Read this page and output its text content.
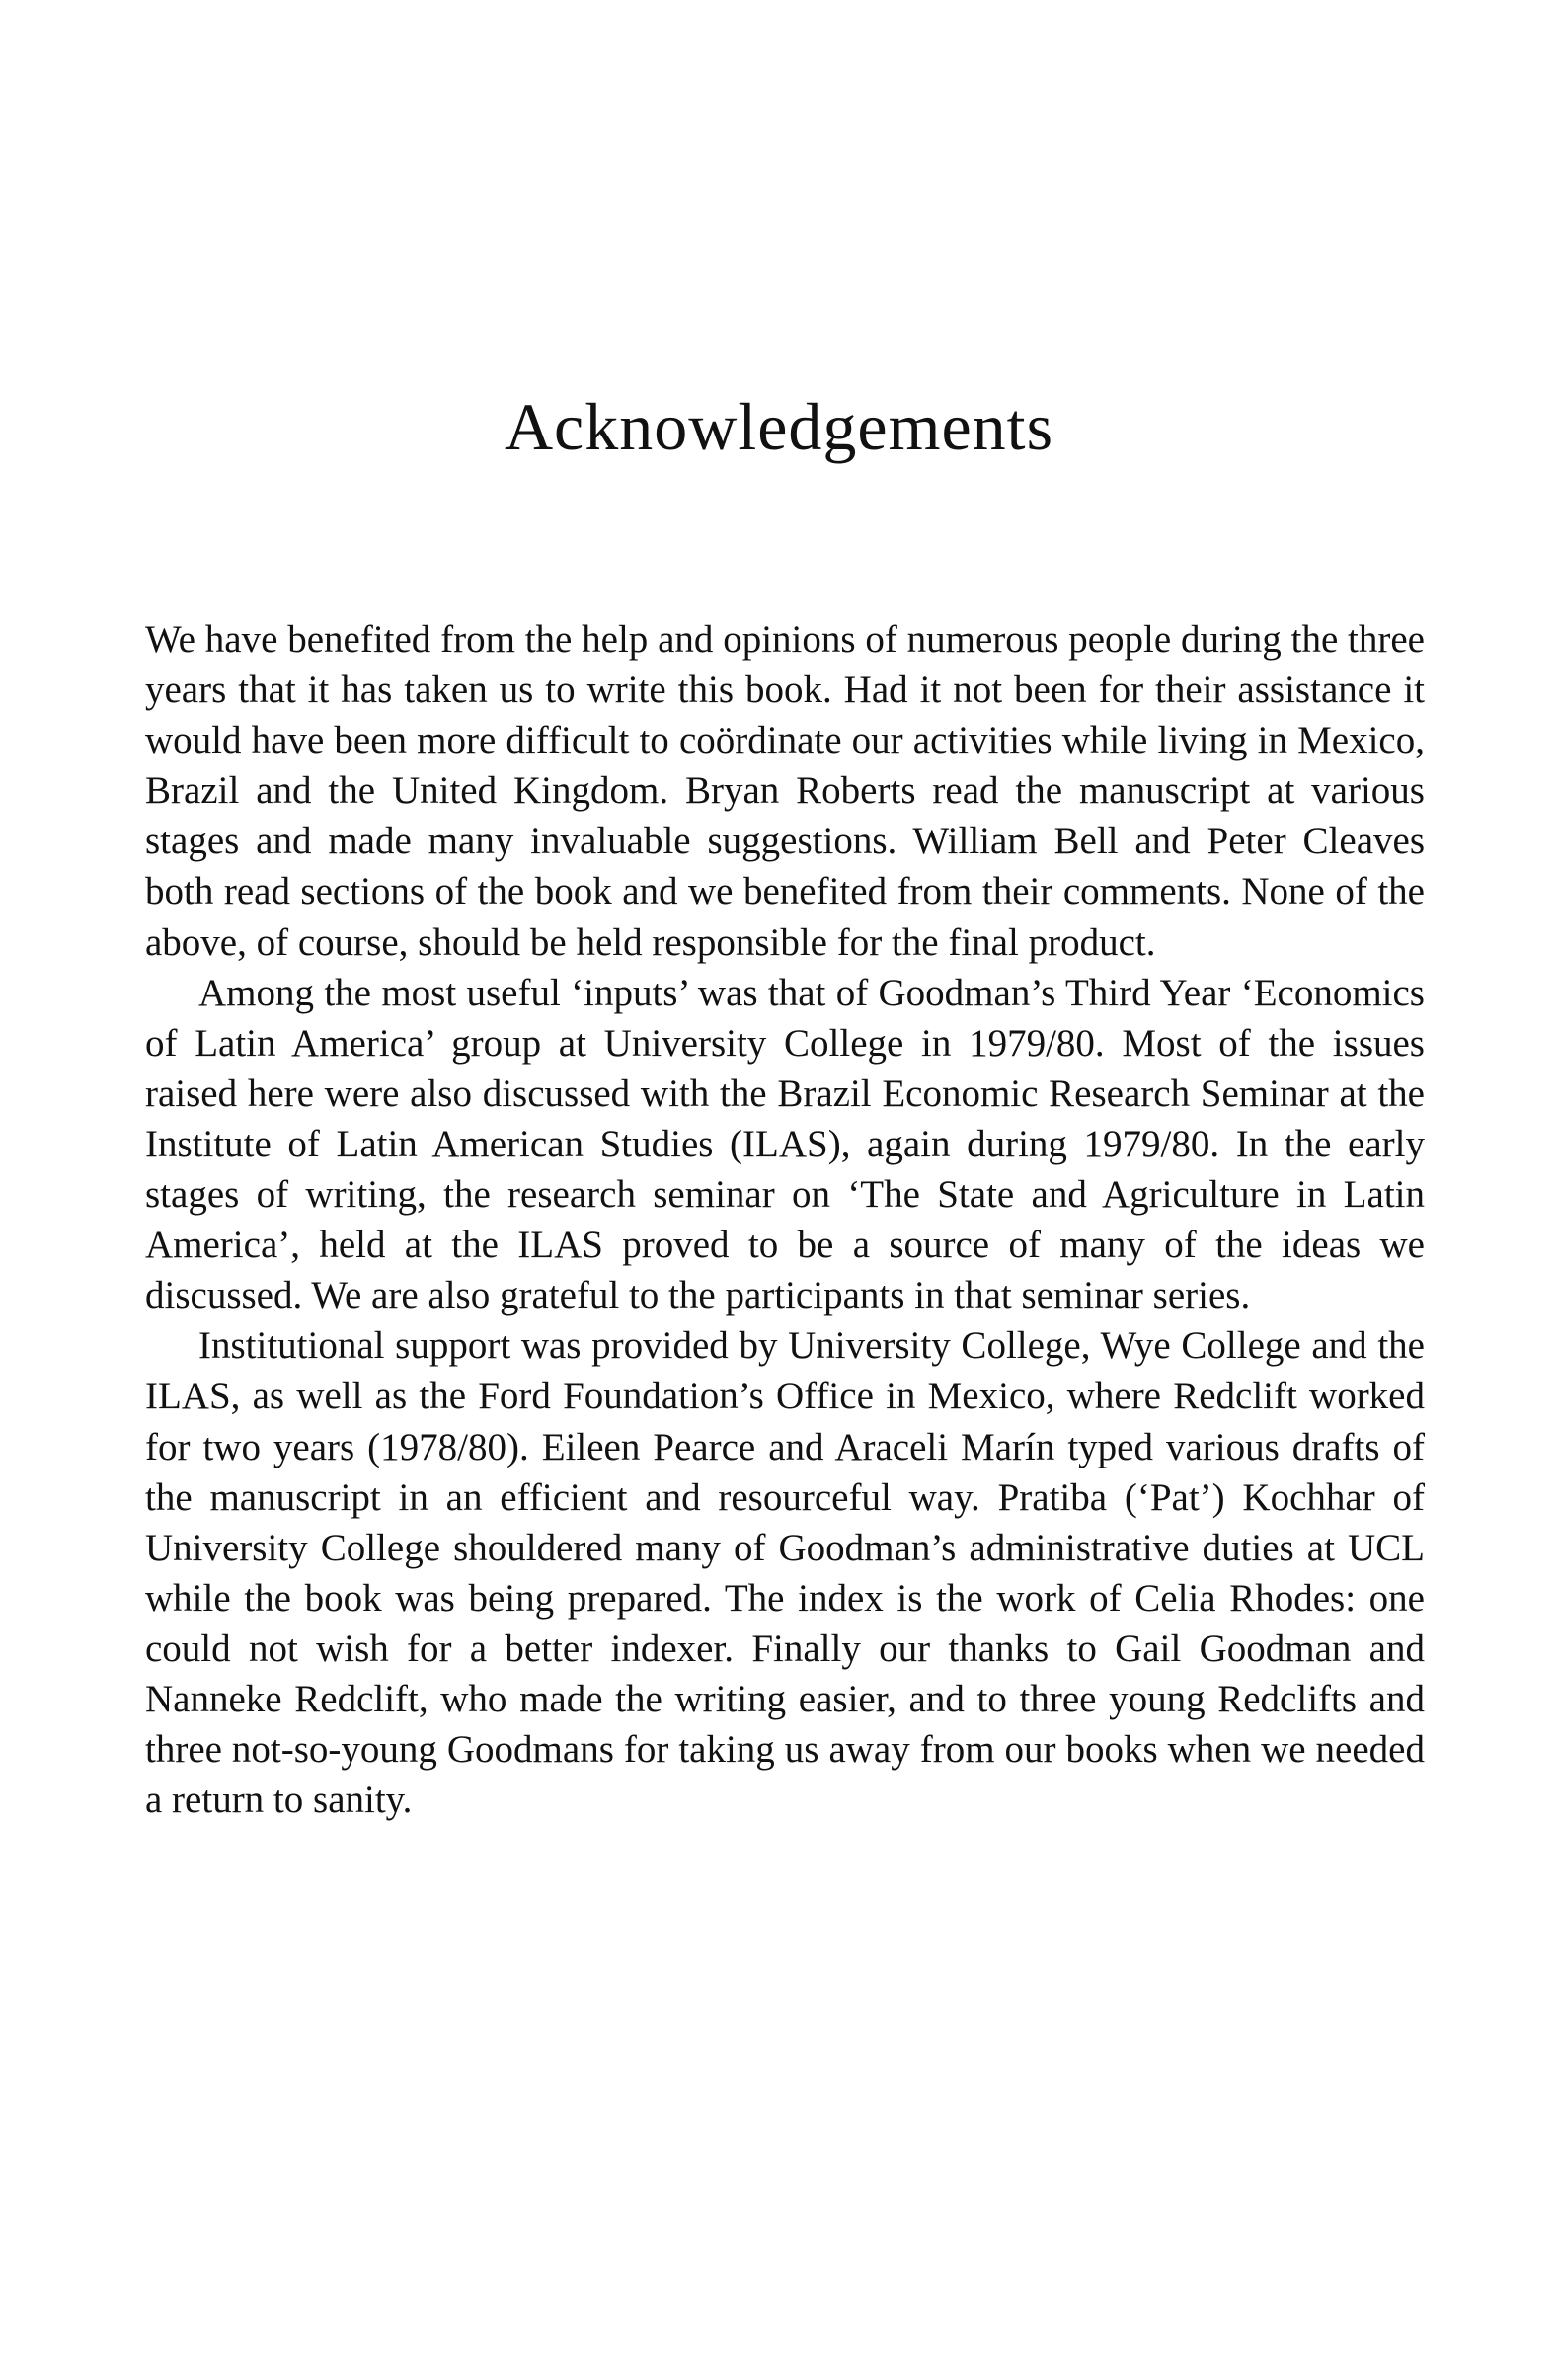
Acknowledgements

We have benefited from the help and opinions of numerous people during the three years that it has taken us to write this book. Had it not been for their assistance it would have been more difficult to coördinate our activities while living in Mexico, Brazil and the United Kingdom. Bryan Roberts read the manuscript at various stages and made many invaluable suggestions. William Bell and Peter Cleaves both read sections of the book and we benefited from their comments. None of the above, of course, should be held responsible for the final product.

Among the most useful ‘inputs’ was that of Goodman’s Third Year ‘Economics of Latin America’ group at University College in 1979/80. Most of the issues raised here were also discussed with the Brazil Economic Research Seminar at the Institute of Latin American Studies (ILAS), again during 1979/80. In the early stages of writing, the research seminar on ‘The State and Agriculture in Latin America’, held at the ILAS proved to be a source of many of the ideas we discussed. We are also grateful to the participants in that seminar series.

Institutional support was provided by University College, Wye College and the ILAS, as well as the Ford Foundation’s Office in Mexico, where Redclift worked for two years (1978/80). Eileen Pearce and Araceli Marín typed various drafts of the manuscript in an efficient and resourceful way. Pratiba (‘Pat’) Kochhar of University College shouldered many of Goodman’s administrative duties at UCL while the book was being prepared. The index is the work of Celia Rhodes: one could not wish for a better indexer. Finally our thanks to Gail Goodman and Nanneke Redclift, who made the writing easier, and to three young Redclifts and three not-so-young Goodmans for taking us away from our books when we needed a return to sanity.
